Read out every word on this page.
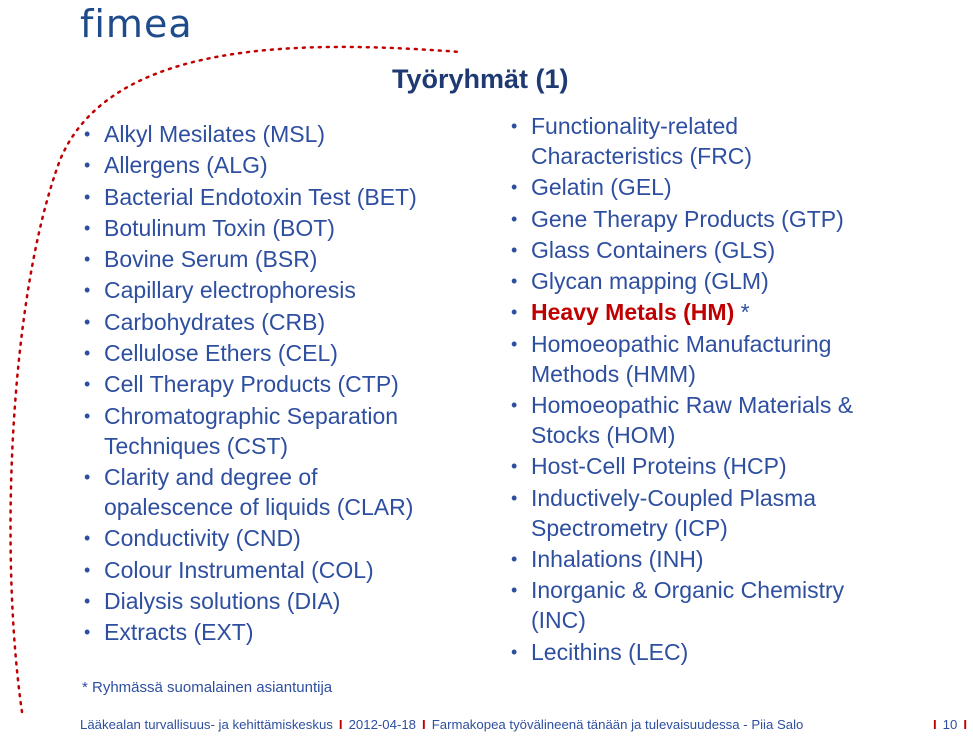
fimea
Työryhmät (1)
• Alkyl Mesilates (MSL)
• Allergens (ALG)
• Bacterial Endotoxin Test (BET)
• Botulinum Toxin (BOT)
• Bovine Serum (BSR)
• Capillary electrophoresis
• Carbohydrates (CRB)
• Cellulose Ethers (CEL)
• Cell Therapy Products (CTP)
• Chromatographic Separation
Techniques (CST)
• Clarity and degree of
opalescence of liquids (CLAR)
• Conductivity (CND)
• Colour Instrumental (COL)
• Dialysis solutions (DIA)
• Extracts (EXT)
• Functionality-related
Characteristics (FRC)
• Gelatin (GEL)
• Gene Therapy Products (GTP)
• Glass Containers (GLS)
• Glycan mapping (GLM)
• Heavy Metals (HM) *
• Homoeopathic Manufacturing
Methods (HMM)
• Homoeopathic Raw Materials &
Stocks (HOM)
• Host-Cell Proteins (HCP)
• Inductively-Coupled Plasma
Spectrometry (ICP)
• Inhalations (INH)
• Inorganic & Organic Chemistry
(INC)
• Lecithins (LEC)
* Ryhmässä suomalainen asiantuntija
Lääkealan turvallisuus- ja kehittämiskeskus I 2012-04-18 I Farmakopea työvälineenä tänään ja tulevaisuudessa - Piia Salo	I 10 I
